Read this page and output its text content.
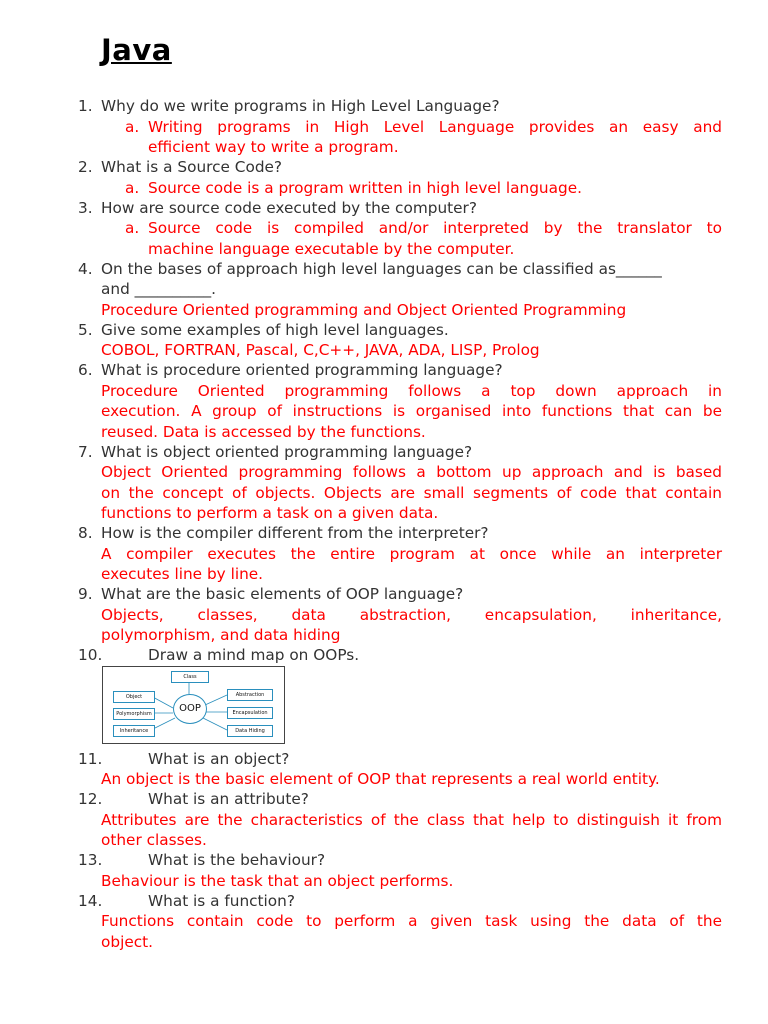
Java
1. Why do we write programs in High Level Language?
a. Writing programs in High Level Language provides an easy and
efficient way to write a program.
2. What is a Source Code?
a. Source code is a program written in high level language.
3. How are source code executed by the computer?
a. Source code is compiled and/or interpreted by the translator to
machine language executable by the computer.
4. On the bases of approach high level languages can be classified as______
and __________.
Procedure Oriented programming and Object Oriented Programming
5. Give some examples of high level languages.
COBOL, FORTRAN, Pascal, C,C++, JAVA, ADA, LISP, Prolog
6. What is procedure oriented programming language?
Procedure Oriented programming follows a top down approach in
execution. A group of instructions is organised into functions that can be
reused. Data is accessed by the functions.
7. What is object oriented programming language?
Object Oriented programming follows a bottom up approach and is based
on the concept of objects. Objects are small segments of code that contain
functions to perform a task on a given data.
8. How is the compiler different from the interpreter?
A compiler executes the entire program at once while an interpreter
executes line by line.
9. What are the basic elements of OOP language?
Objects, classes, data abstraction, encapsulation, inheritance,
polymorphism, and data hiding
10.	Draw a mind map on OOPs.
Class
OOP
Object
Polymorphism
Inheritance
Abstraction
Encapsulation
Data Hiding
11.	What is an object?
An object is the basic element of OOP that represents a real world entity.
12.	What is an attribute?
Attributes are the characteristics of the class that help to distinguish it from
other classes.
13.	What is the behaviour?
Behaviour is the task that an object performs.
14.	What is a function?
Functions contain code to perform a given task using the data of the
object.
